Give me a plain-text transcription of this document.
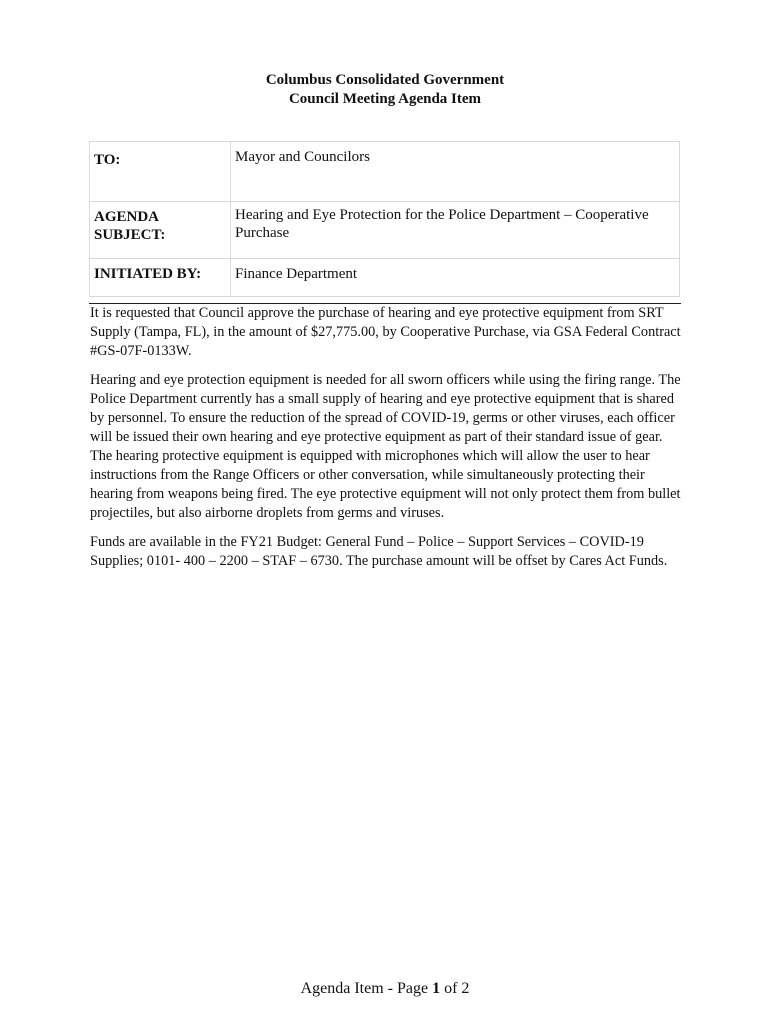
Columbus Consolidated Government
Council Meeting Agenda Item
TO:	Mayor and Councilors
AGENDA
SUBJECT:	Hearing and Eye Protection for the Police Department – Cooperative Purchase
INITIATED BY:	Finance Department

It is requested that Council approve the purchase of hearing and eye protective equipment from SRT Supply (Tampa, FL), in the amount of $27,775.00, by Cooperative Purchase, via GSA Federal Contract #GS-07F-0133W.

Hearing and eye protection equipment is needed for all sworn officers while using the firing range. The Police Department currently has a small supply of hearing and eye protective equipment that is shared by personnel. To ensure the reduction of the spread of COVID-19, germs or other viruses, each officer will be issued their own hearing and eye protective equipment as part of their standard issue of gear. The hearing protective equipment is equipped with microphones which will allow the user to hear instructions from the Range Officers or other conversation, while simultaneously protecting their hearing from weapons being fired. The eye protective equipment will not only protect them from bullet projectiles, but also airborne droplets from germs and viruses.

Funds are available in the FY21 Budget: General Fund – Police – Support Services – COVID-19 Supplies; 0101- 400 – 2200 – STAF – 6730. The purchase amount will be offset by Cares Act Funds.

Agenda Item - Page 1 of 2
